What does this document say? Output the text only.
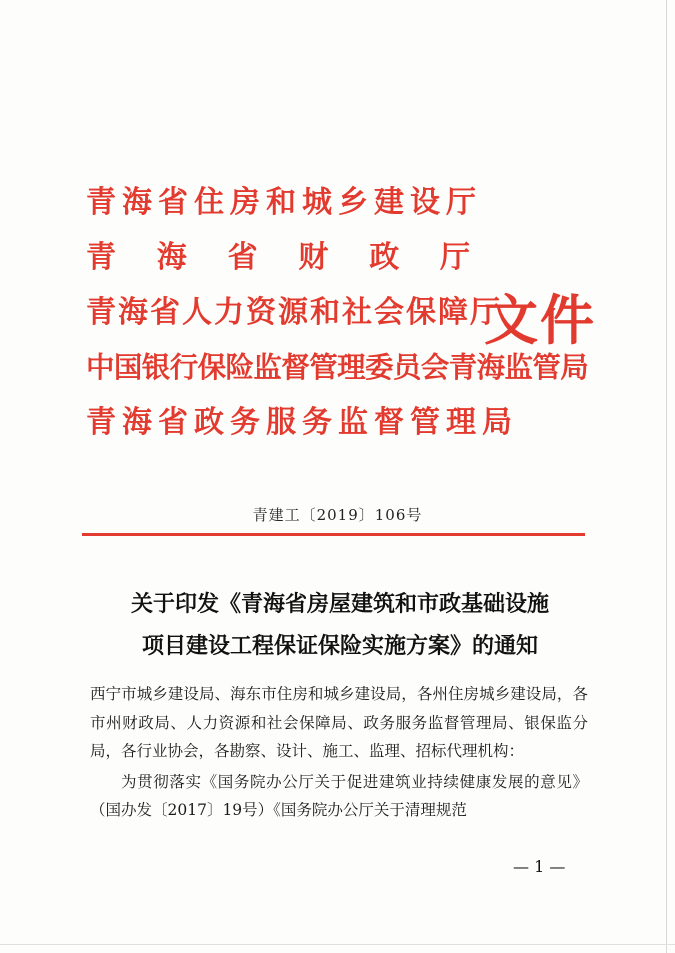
青海省住房和城乡建设厅
青海省财政厅
青海省人力资源和社会保障厅
中国银行保险监督管理委员会青海监管局
青海省政务服务监督管理局
文件
青建工〔2019〕106号
关于印发《青海省房屋建筑和市政基础设施
项目建设工程保证保险实施方案》的通知

西宁市城乡建设局、海东市住房和城乡建设局，各州住房城乡建设局，各市州财政局、人力资源和社会保障局、政务服务监督管理局、银保监分局，各行业协会，各勘察、设计、施工、监理、招标代理机构：

为贯彻落实《国务院办公厅关于促进建筑业持续健康发展的意见》（国办发〔2017〕19号）《国务院办公厅关于清理规范

— 1 —
